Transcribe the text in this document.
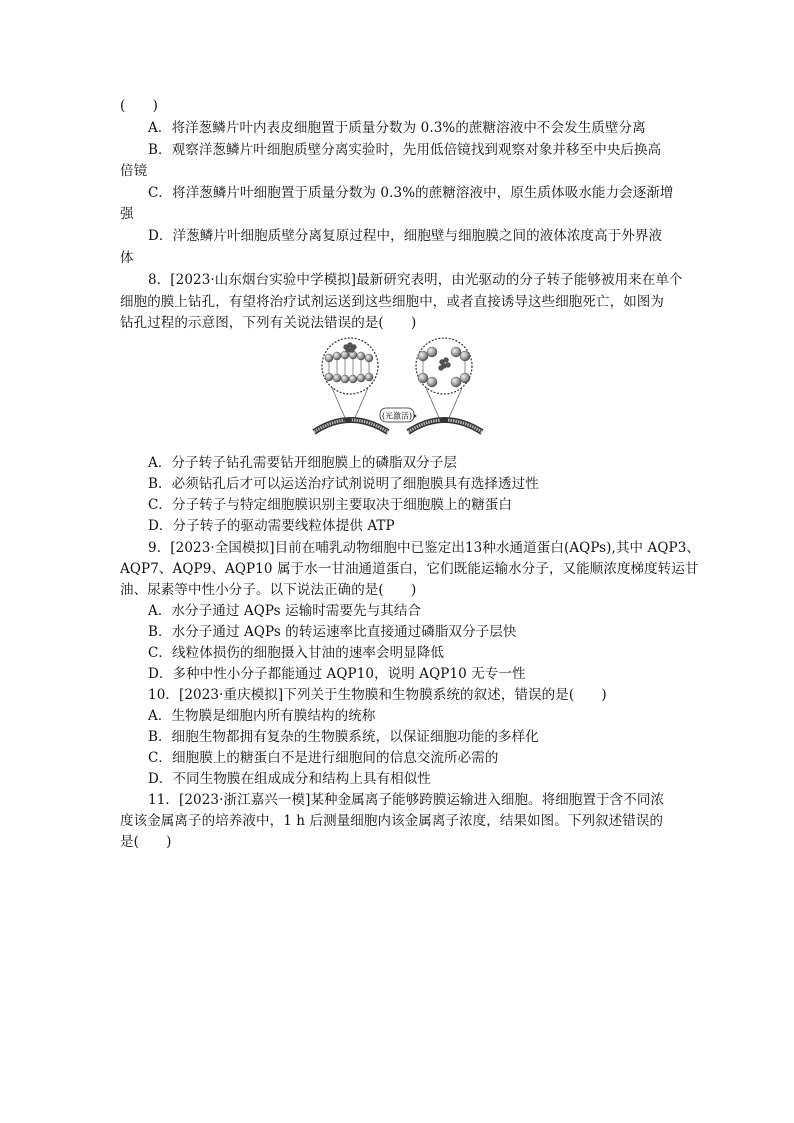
(　　)
A．将洋葱鳞片叶内表皮细胞置于质量分数为 0.3%的蔗糖溶液中不会发生质壁分离
B．观察洋葱鳞片叶细胞质壁分离实验时，先用低倍镜找到观察对象并移至中央后换高
倍镜
C．将洋葱鳞片叶细胞置于质量分数为 0.3%的蔗糖溶液中，原生质体吸水能力会逐渐增
强
D．洋葱鳞片叶细胞质壁分离复原过程中，细胞壁与细胞膜之间的液体浓度高于外界液
体
8．[2023·山东烟台实验中学模拟]最新研究表明，由光驱动的分子转子能够被用来在单个
细胞的膜上钻孔，有望将治疗试剂运送到这些细胞中，或者直接诱导这些细胞死亡，如图为
钻孔过程的示意图，下列有关说法错误的是(　　)
(光激活)
A．分子转子钻孔需要钻开细胞膜上的磷脂双分子层
B．必须钻孔后才可以运送治疗试剂说明了细胞膜具有选择透过性
C．分子转子与特定细胞膜识别主要取决于细胞膜上的糖蛋白
D．分子转子的驱动需要线粒体提供 ATP
9．[2023·全国模拟]目前在哺乳动物细胞中已鉴定出13种水通道蛋白(AQPs),其中 AQP3、
AQP7、AQP9、AQP10 属于水一甘油通道蛋白，它们既能运输水分子，又能顺浓度梯度转运甘
油、尿素等中性小分子。以下说法正确的是(　　)
A．水分子通过 AQPs 运输时需要先与其结合
B．水分子通过 AQPs 的转运速率比直接通过磷脂双分子层快
C．线粒体损伤的细胞摄入甘油的速率会明显降低
D．多种中性小分子都能通过 AQP10，说明 AQP10 无专一性
10．[2023·重庆模拟]下列关于生物膜和生物膜系统的叙述，错误的是(　　)
A．生物膜是细胞内所有膜结构的统称
B．细胞生物都拥有复杂的生物膜系统，以保证细胞功能的多样化
C．细胞膜上的糖蛋白不是进行细胞间的信息交流所必需的
D．不同生物膜在组成成分和结构上具有相似性
11．[2023·浙江嘉兴一模]某种金属离子能够跨膜运输进入细胞。将细胞置于含不同浓
度该金属离子的培养液中，1 h 后测量细胞内该金属离子浓度，结果如图。下列叙述错误的
是(　　)
